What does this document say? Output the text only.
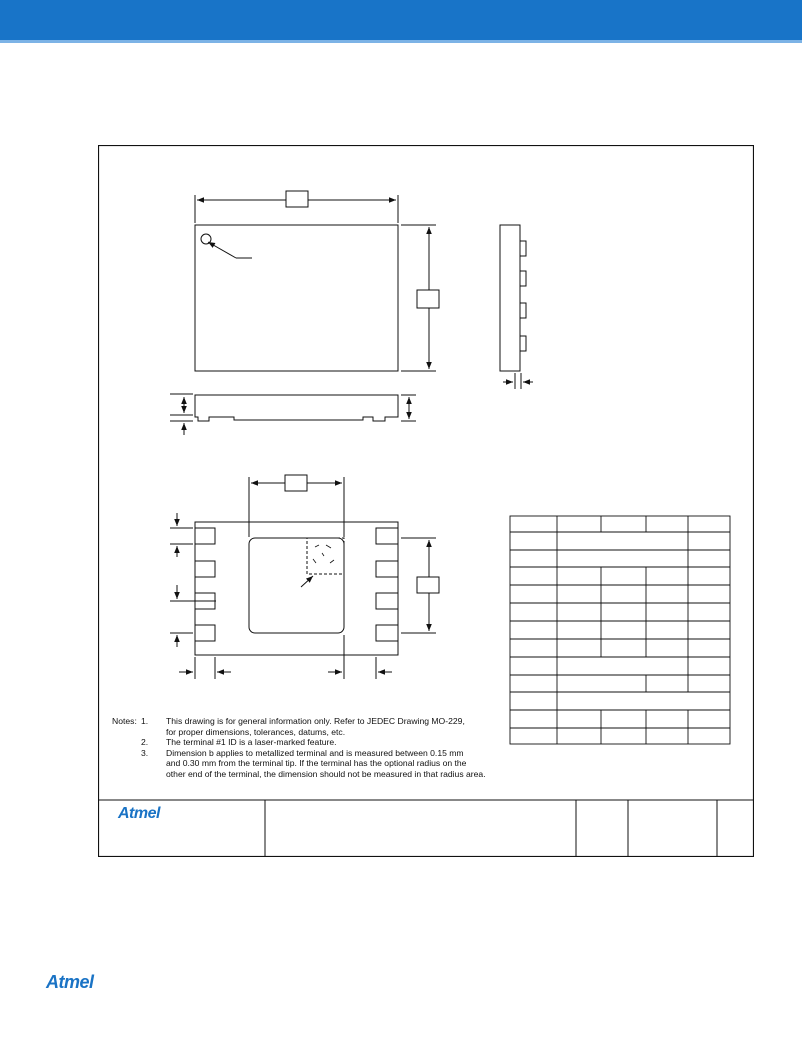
Notes: 1. This drawing is for general information only. Refer to JEDEC Drawing MO-229,
for proper dimensions, tolerances, datums, etc.
2. The terminal #1 ID is a laser-marked feature.
3. Dimension b applies to metallized terminal and is measured between 0.15 mm
and 0.30 mm from the terminal tip. If the terminal has the optional radius on the
other end of the terminal, the dimension should not be measured in that radius area.
Atmel
Atmel
